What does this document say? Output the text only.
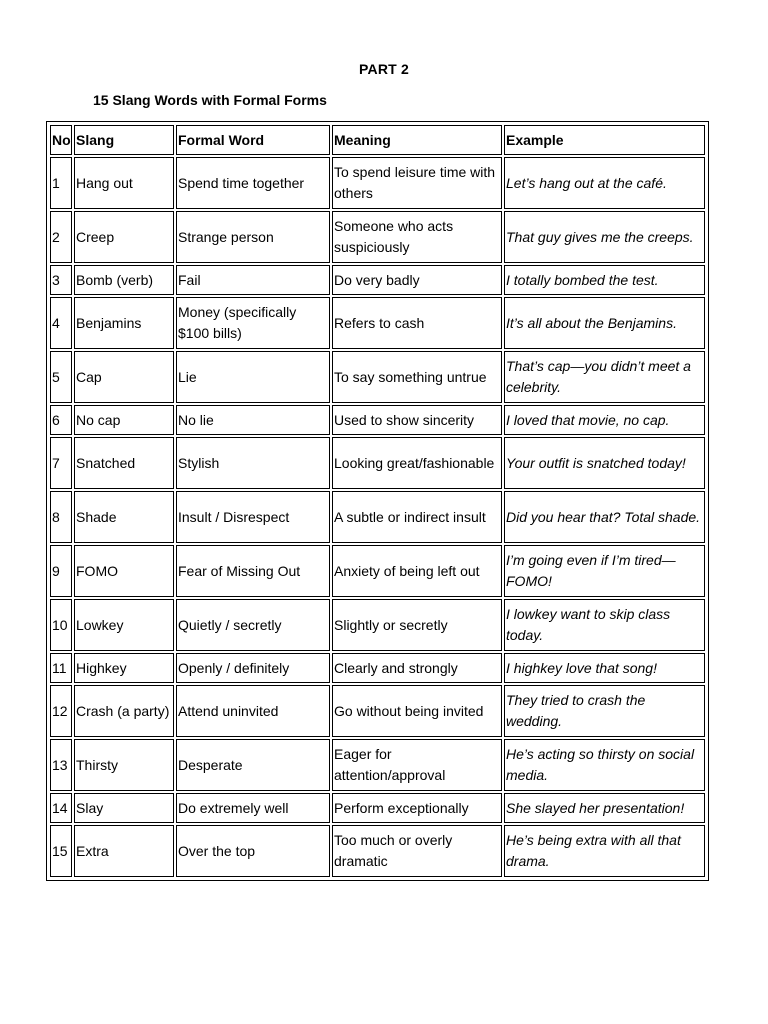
PART 2
15 Slang Words with Formal Forms
No	Slang	Formal Word	Meaning	Example
1	Hang out	Spend time together	To spend leisure time with others	Let’s hang out at the café.
2	Creep	Strange person	Someone who acts suspiciously	That guy gives me the creeps.
3	Bomb (verb)	Fail	Do very badly	I totally bombed the test.
4	Benjamins	Money (specifically $100 bills)	Refers to cash	It’s all about the Benjamins.
5	Cap	Lie	To say something untrue	That’s cap—you didn’t meet a celebrity.
6	No cap	No lie	Used to show sincerity	I loved that movie, no cap.
7	Snatched	Stylish	Looking great/fashionable	Your outfit is snatched today!
8	Shade	Insult / Disrespect	A subtle or indirect insult	Did you hear that? Total shade.
9	FOMO	Fear of Missing Out	Anxiety of being left out	I’m going even if I’m tired—FOMO!
10	Lowkey	Quietly / secretly	Slightly or secretly	I lowkey want to skip class today.
11	Highkey	Openly / definitely	Clearly and strongly	I highkey love that song!
12	Crash (a party)	Attend uninvited	Go without being invited	They tried to crash the wedding.
13	Thirsty	Desperate	Eager for attention/approval	He’s acting so thirsty on social media.
14	Slay	Do extremely well	Perform exceptionally	She slayed her presentation!
15	Extra	Over the top	Too much or overly dramatic	He’s being extra with all that drama.
